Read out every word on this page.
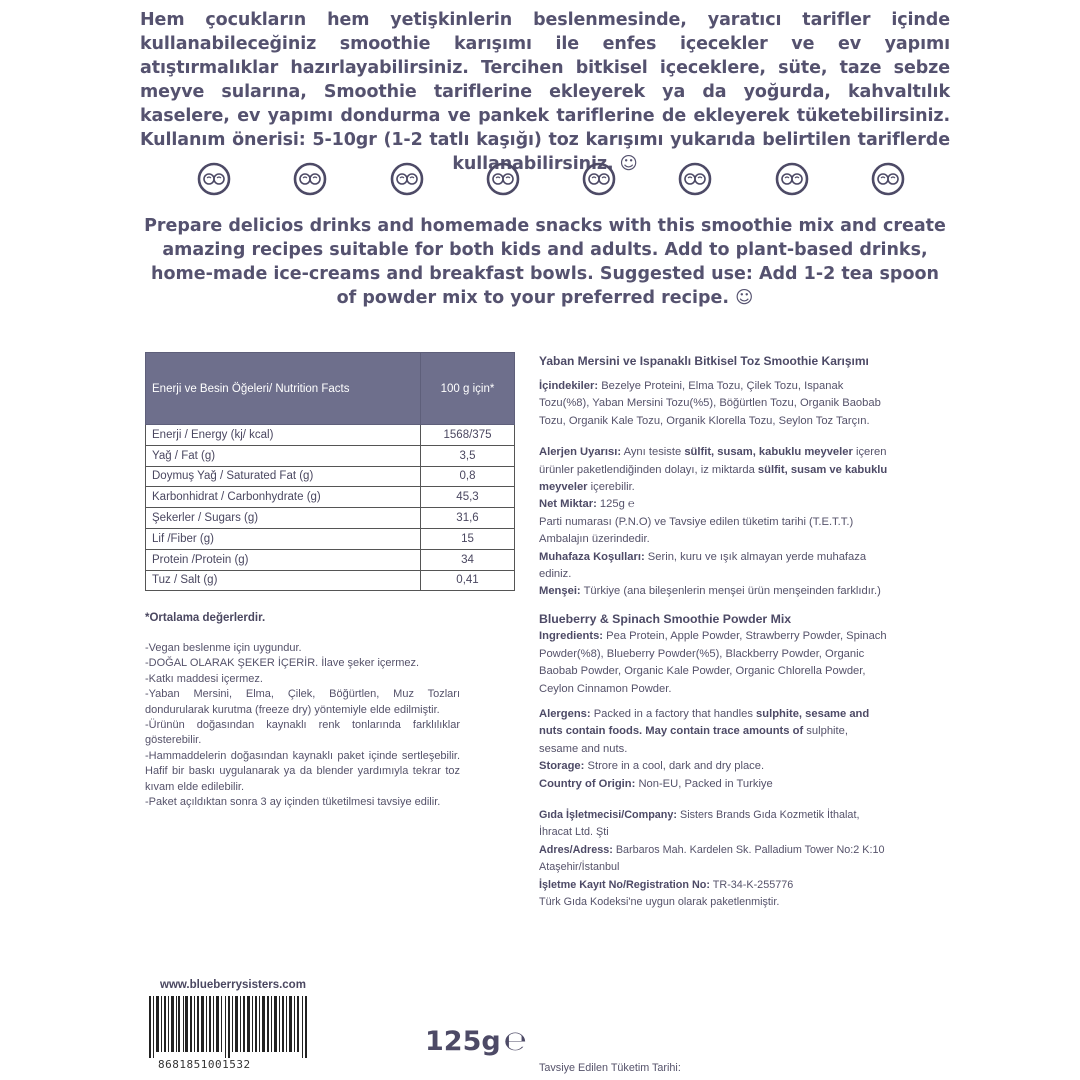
Hem çocukların hem yetişkinlerin beslenmesinde, yaratıcı tarifler içinde kullanabileceğiniz smoothie karışımı ile enfes içecekler ve ev yapımı atıştırmalıklar hazırlayabilirsiniz. Tercihen bitkisel içeceklere, süte, taze sebze meyve sularına, Smoothie tariflerine ekleyerek ya da yoğurda, kahvaltılık kaselere, ev yapımı dondurma ve pankek tariflerine de ekleyerek tüketebilirsiniz. Kullanım önerisi: 5-10gr (1-2 tatlı kaşığı) toz karışımı yukarıda belirtilen tariflerde kullanabilirsiniz. ☺

Prepare delicios drinks and homemade snacks with this smoothie mix and create amazing recipes suitable for both kids and adults. Add to plant-based drinks, home-made ice-creams and breakfast bowls. Suggested use: Add 1-2 tea spoon of powder mix to your preferred recipe. ☺

Enerji ve Besin Öğeleri/ Nutrition Facts	100 g için*
Enerji / Energy (kj/ kcal)	1568/375
Yağ / Fat (g)	3,5
Doymuş Yağ / Saturated Fat (g)	0,8
Karbonhidrat / Carbonhydrate (g)	45,3
Şekerler / Sugars (g)	31,6
Lif /Fiber (g)	15
Protein /Protein (g)	34
Tuz / Salt (g)	0,41
*Ortalama değerlerdir.

-Vegan beslenme için uygundur.

-DOĞAL OLARAK ŞEKER İÇERİR. İlave şeker içermez.

-Katkı maddesi içermez.

-Yaban Mersini, Elma, Çilek, Böğürtlen, Muz Tozları dondurularak kurutma (freeze dry) yöntemiyle elde edilmiştir.

-Ürünün doğasından kaynaklı renk tonlarında farklılıklar gösterebilir.

-Hammaddelerin doğasından kaynaklı paket içinde sertleşebilir. Hafif bir baskı uygulanarak ya da blender yardımıyla tekrar toz kıvam elde edilebilir.

-Paket açıldıktan sonra 3 ay içinden tüketilmesi tavsiye edilir.

www.blueberrysisters.com
8681851001532
125g ℮
Yaban Mersini ve Ispanaklı Bitkisel Toz Smoothie Karışımı
İçindekiler: Bezelye Proteini, Elma Tozu, Çilek Tozu, Ispanak Tozu(%8), Yaban Mersini Tozu(%5), Böğürtlen Tozu, Organik Baobab Tozu, Organik Kale Tozu, Organik Klorella Tozu, Seylon Toz Tarçın.
Alerjen Uyarısı: Aynı tesiste sülfit, susam, kabuklu meyveler içeren ürünler paketlendiğinden dolayı, iz miktarda sülfit, susam ve kabuklu meyveler içerebilir.
Net Miktar: 125g ℮
Parti numarası (P.N.O) ve Tavsiye edilen tüketim tarihi (T.E.T.T.) Ambalajın üzerindedir.
Muhafaza Koşulları: Serin, kuru ve ışık almayan yerde muhafaza ediniz.
Menşei: Türkiye (ana bileşenlerin menşei ürün menşeinden farklıdır.)
Blueberry & Spinach Smoothie Powder Mix
Ingredients: Pea Protein, Apple Powder, Strawberry Powder, Spinach Powder(%8), Blueberry Powder(%5), Blackberry Powder, Organic Baobab Powder, Organic Kale Powder, Organic Chlorella Powder, Ceylon Cinnamon Powder.
Alergens: Packed in a factory that handles sulphite, sesame and nuts contain foods. May contain trace amounts of sulphite, sesame and nuts.
Storage: Strore in a cool, dark and dry place.
Country of Origin: Non-EU, Packed in Turkiye
Gıda İşletmecisi/Company: Sisters Brands Gıda Kozmetik İthalat, İhracat Ltd. Şti
Adres/Adress: Barbaros Mah. Kardelen Sk. Palladium Tower No:2 K:10 Ataşehir/İstanbul
İşletme Kayıt No/Registration No: TR-34-K-255776
Türk Gıda Kodeksi'ne uygun olarak paketlenmiştir.
Tavsiye Edilen Tüketim Tarihi:
